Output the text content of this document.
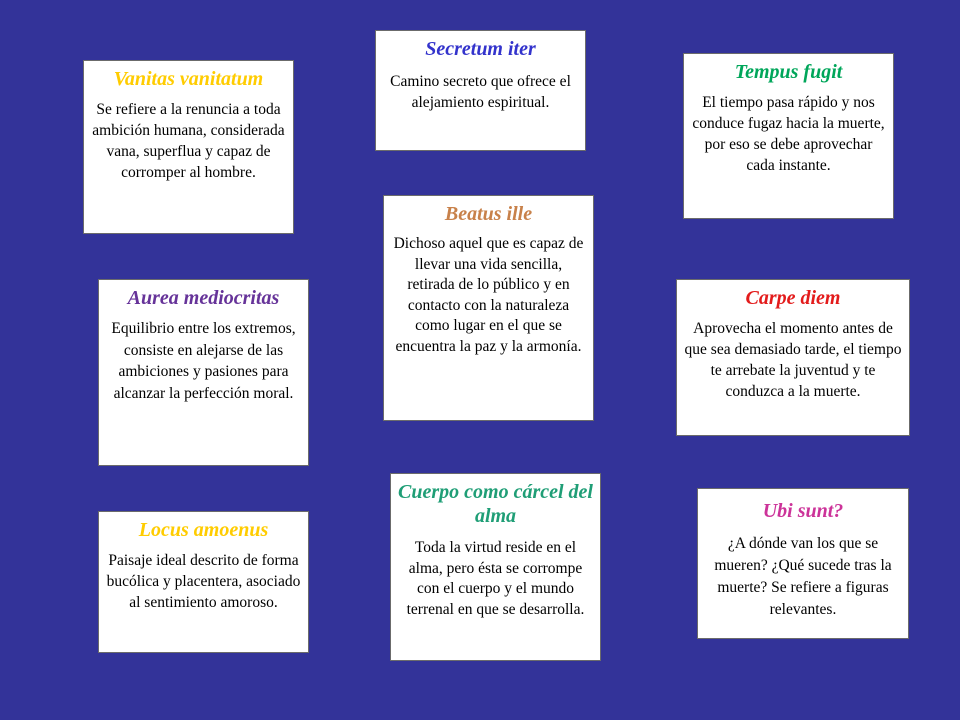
Vanitas vanitatum

Se refiere a la renuncia a toda ambición humana, considerada vana, superflua y capaz de corromper al hombre.

Secretum iter

Camino secreto que ofrece el alejamiento espiritual.

Tempus fugit

El tiempo pasa rápido y nos conduce fugaz hacia la muerte, por eso se debe aprovechar cada instante.

Beatus ille

Dichoso aquel que es capaz de llevar una vida sencilla, retirada de lo público y en contacto con la naturaleza como lugar en el que se encuentra la paz y la armonía.

Aurea mediocritas

Equilibrio entre los extremos, consiste en alejarse de las ambiciones y pasiones para alcanzar la perfección moral.

Carpe diem

Aprovecha el momento antes de que sea demasiado tarde, el tiempo te arrebate la juventud y te conduzca a la muerte.

Cuerpo como cárcel del alma

Toda la virtud reside en el alma, pero ésta se corrompe con el cuerpo y el mundo terrenal en que se desarrolla.

Locus amoenus

Paisaje ideal descrito de forma bucólica y placentera, asociado al sentimiento amoroso.

Ubi sunt?

¿A dónde van los que se mueren? ¿Qué sucede tras la muerte? Se refiere a figuras relevantes.
